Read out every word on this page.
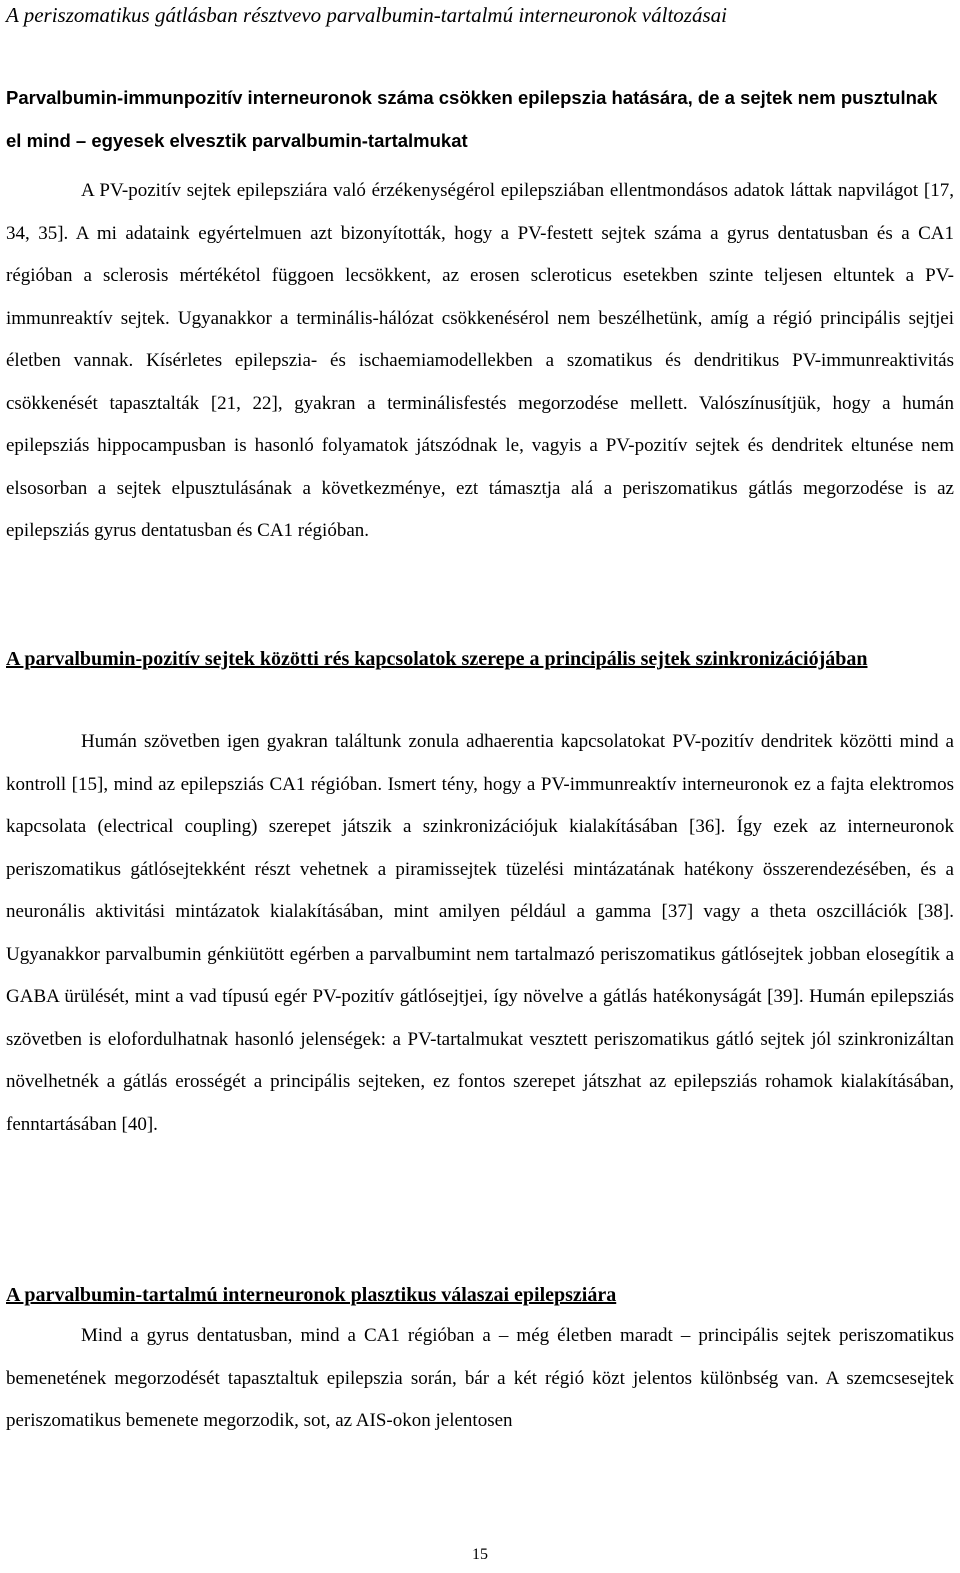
A periszomatikus gátlásban résztvevo parvalbumin-tartalmú interneuronok változásai
Parvalbumin-immunpozitív interneuronok száma csökken epilepszia hatására, de a sejtek nem pusztulnak el mind – egyesek elvesztik parvalbumin-tartalmukat
A PV-pozitív sejtek epilepsziára való érzékenységérol epilepsziában ellentmondásos adatok láttak napvilágot [17, 34, 35]. A mi adataink egyértelmuen azt bizonyították, hogy a PV-festett sejtek száma a gyrus dentatusban és a CA1 régióban a sclerosis mértékétol függoen lecsökkent, az erosen scleroticus esetekben szinte teljesen eltuntek a PV-immunreaktív sejtek. Ugyanakkor a terminális-hálózat csökkenésérol nem beszélhetünk, amíg a régió principális sejtjei életben vannak. Kísérletes epilepszia- és ischaemiamodellekben a szomatikus és dendritikus PV-immunreaktivitás csökkenését tapasztalták [21, 22], gyakran a terminálisfestés megorzodése mellett. Valószínusítjük, hogy a humán epilepsziás hippocampusban is hasonló folyamatok játszódnak le, vagyis a PV-pozitív sejtek és dendritek eltunése nem elsosorban a sejtek elpusztulásának a következménye, ezt támasztja alá a periszomatikus gátlás megorzodése is az epilepsziás gyrus dentatusban és CA1 régióban.
A parvalbumin-pozitív sejtek közötti rés kapcsolatok szerepe a principális sejtek szinkronizációjában
Humán szövetben igen gyakran találtunk zonula adhaerentia kapcsolatokat PV-pozitív dendritek közötti mind a kontroll [15], mind az epilepsziás CA1 régióban. Ismert tény, hogy a PV-immunreaktív interneuronok ez a fajta elektromos kapcsolata (electrical coupling) szerepet játszik a szinkronizációjuk kialakításában [36]. Így ezek az interneuronok periszomatikus gátlósejtekként részt vehetnek a piramissejtek tüzelési mintázatának hatékony összerendezésében, és a neuronális aktivitási mintázatok kialakításában, mint amilyen például a gamma [37] vagy a theta oszcillációk [38]. Ugyanakkor parvalbumin génkiütött egérben a parvalbumint nem tartalmazó periszomatikus gátlósejtek jobban elosegítik a GABA ürülését, mint a vad típusú egér PV-pozitív gátlósejtjei, így növelve a gátlás hatékonyságát [39]. Humán epilepsziás szövetben is elofordulhatnak hasonló jelenségek: a PV-tartalmukat vesztett periszomatikus gátló sejtek jól szinkronizáltan növelhetnék a gátlás erosségét a principális sejteken, ez fontos szerepet játszhat az epilepsziás rohamok kialakításában, fenntartásában [40].
A parvalbumin-tartalmú interneuronok plasztikus válaszai epilepsziára
Mind a gyrus dentatusban, mind a CA1 régióban a – még életben maradt – principális sejtek periszomatikus bemenetének megorzodését tapasztaltuk epilepszia során, bár a két régió közt jelentos különbség van. A szemcsesejtek periszomatikus bemenete megorzodik, sot, az AIS-okon jelentosen
15
